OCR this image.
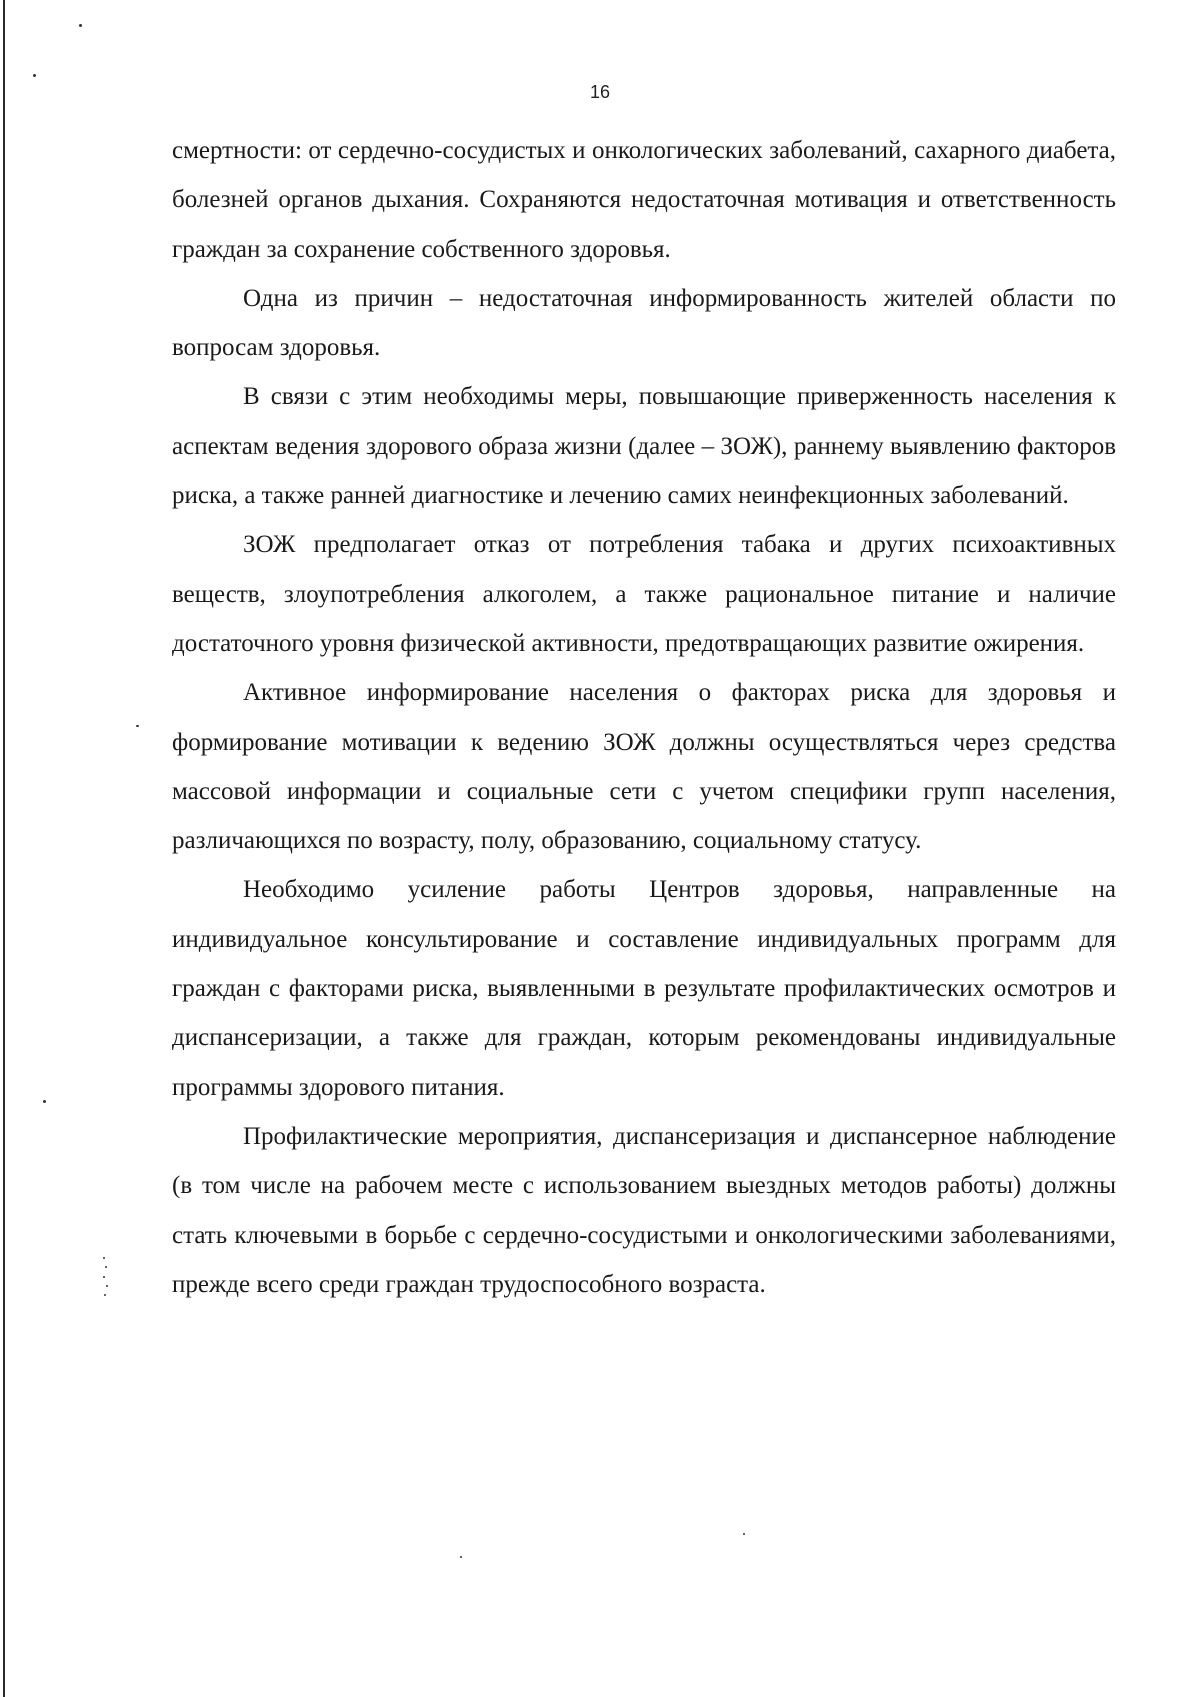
16

смертности: от сердечно-сосудистых и онкологических заболеваний, сахарного диабета, болезней органов дыхания. Сохраняются недостаточная мотивация и ответственность граждан за сохранение собственного здоровья.

Одна из причин – недостаточная информированность жителей области по вопросам здоровья.

В связи с этим необходимы меры, повышающие приверженность населения к аспектам ведения здорового образа жизни (далее – ЗОЖ), раннему выявлению факторов риска, а также ранней диагностике и лечению самих неинфекционных заболеваний.

ЗОЖ предполагает отказ от потребления табака и других психоактивных веществ, злоупотребления алкоголем, а также рациональное питание и наличие достаточного уровня физической активности, предотвращающих развитие ожирения.

Активное информирование населения о факторах риска для здоровья и формирование мотивации к ведению ЗОЖ должны осуществляться через средства массовой информации и социальные сети с учетом специфики групп населения, различающихся по возрасту, полу, образованию, социальному статусу.

Необходимо усиление работы Центров здоровья, направленные на индивидуальное консультирование и составление индивидуальных программ для граждан с факторами риска, выявленными в результате профилактических осмотров и диспансеризации, а также для граждан, которым рекомендованы индивидуальные программы здорового питания.

Профилактические мероприятия, диспансеризация и диспансерное наблюдение (в том числе на рабочем месте с использованием выездных методов работы) должны стать ключевыми в борьбе с сердечно-сосудистыми и онкологическими заболеваниями, прежде всего среди граждан трудоспособного возраста.
